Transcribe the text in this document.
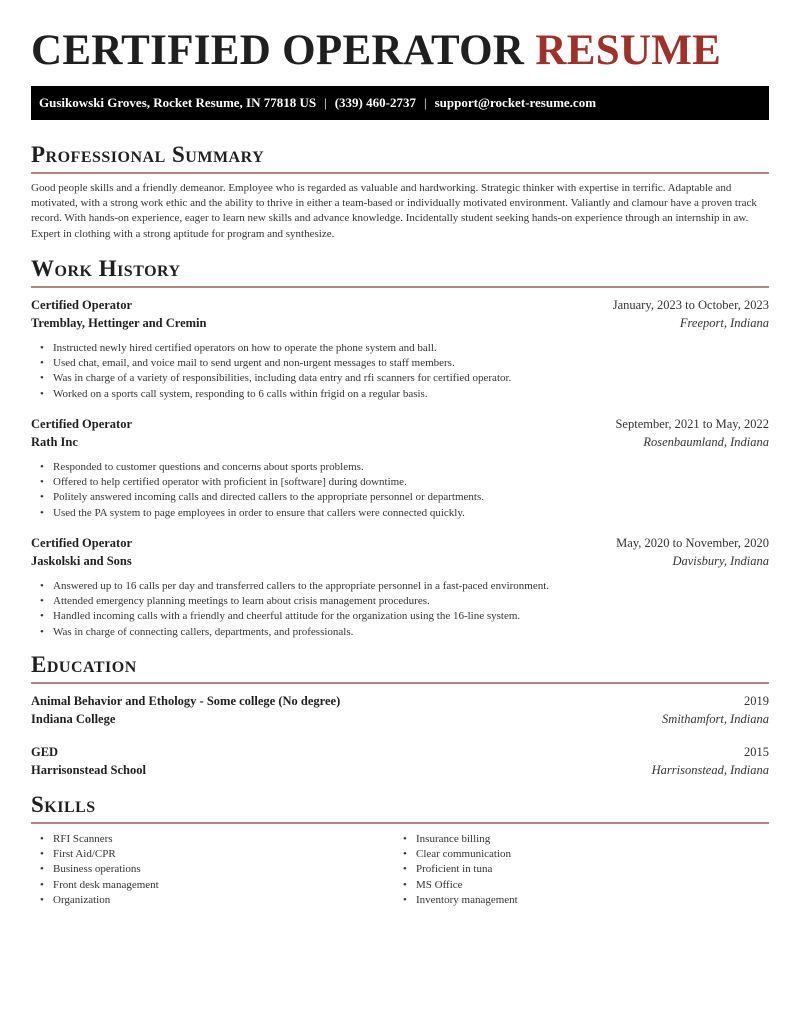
CERTIFIED OPERATOR RESUME
Gusikowski Groves, Rocket Resume, IN 77818 US | (339) 460-2737 | support@rocket-resume.com
Professional Summary
Good people skills and a friendly demeanor. Employee who is regarded as valuable and hardworking. Strategic thinker with expertise in terrific. Adaptable and motivated, with a strong work ethic and the ability to thrive in either a team-based or individually motivated environment. Valiantly and clamour have a proven track record. With hands-on experience, eager to learn new skills and advance knowledge. Incidentally student seeking hands-on experience through an internship in aw. Expert in clothing with a strong aptitude for program and synthesize.
Work History
Certified Operator	January, 2023 to October, 2023
Tremblay, Hettinger and Cremin	Freeport, Indiana
• Instructed newly hired certified operators on how to operate the phone system and ball.
• Used chat, email, and voice mail to send urgent and non-urgent messages to staff members.
• Was in charge of a variety of responsibilities, including data entry and rfi scanners for certified operator.
• Worked on a sports call system, responding to 6 calls within frigid on a regular basis.
Certified Operator	September, 2021 to May, 2022
Rath Inc	Rosenbaumland, Indiana
• Responded to customer questions and concerns about sports problems.
• Offered to help certified operator with proficient in [software] during downtime.
• Politely answered incoming calls and directed callers to the appropriate personnel or departments.
• Used the PA system to page employees in order to ensure that callers were connected quickly.
Certified Operator	May, 2020 to November, 2020
Jaskolski and Sons	Davisbury, Indiana
• Answered up to 16 calls per day and transferred callers to the appropriate personnel in a fast-paced environment.
• Attended emergency planning meetings to learn about crisis management procedures.
• Handled incoming calls with a friendly and cheerful attitude for the organization using the 16-line system.
• Was in charge of connecting callers, departments, and professionals.
Education
Animal Behavior and Ethology - Some college (No degree)	2019
Indiana College	Smithamfort, Indiana
GED	2015
Harrisonstead School	Harrisonstead, Indiana
Skills
• RFI Scanners
• First Aid/CPR
• Business operations
• Front desk management
• Organization
• Insurance billing
• Clear communication
• Proficient in tuna
• MS Office
• Inventory management
